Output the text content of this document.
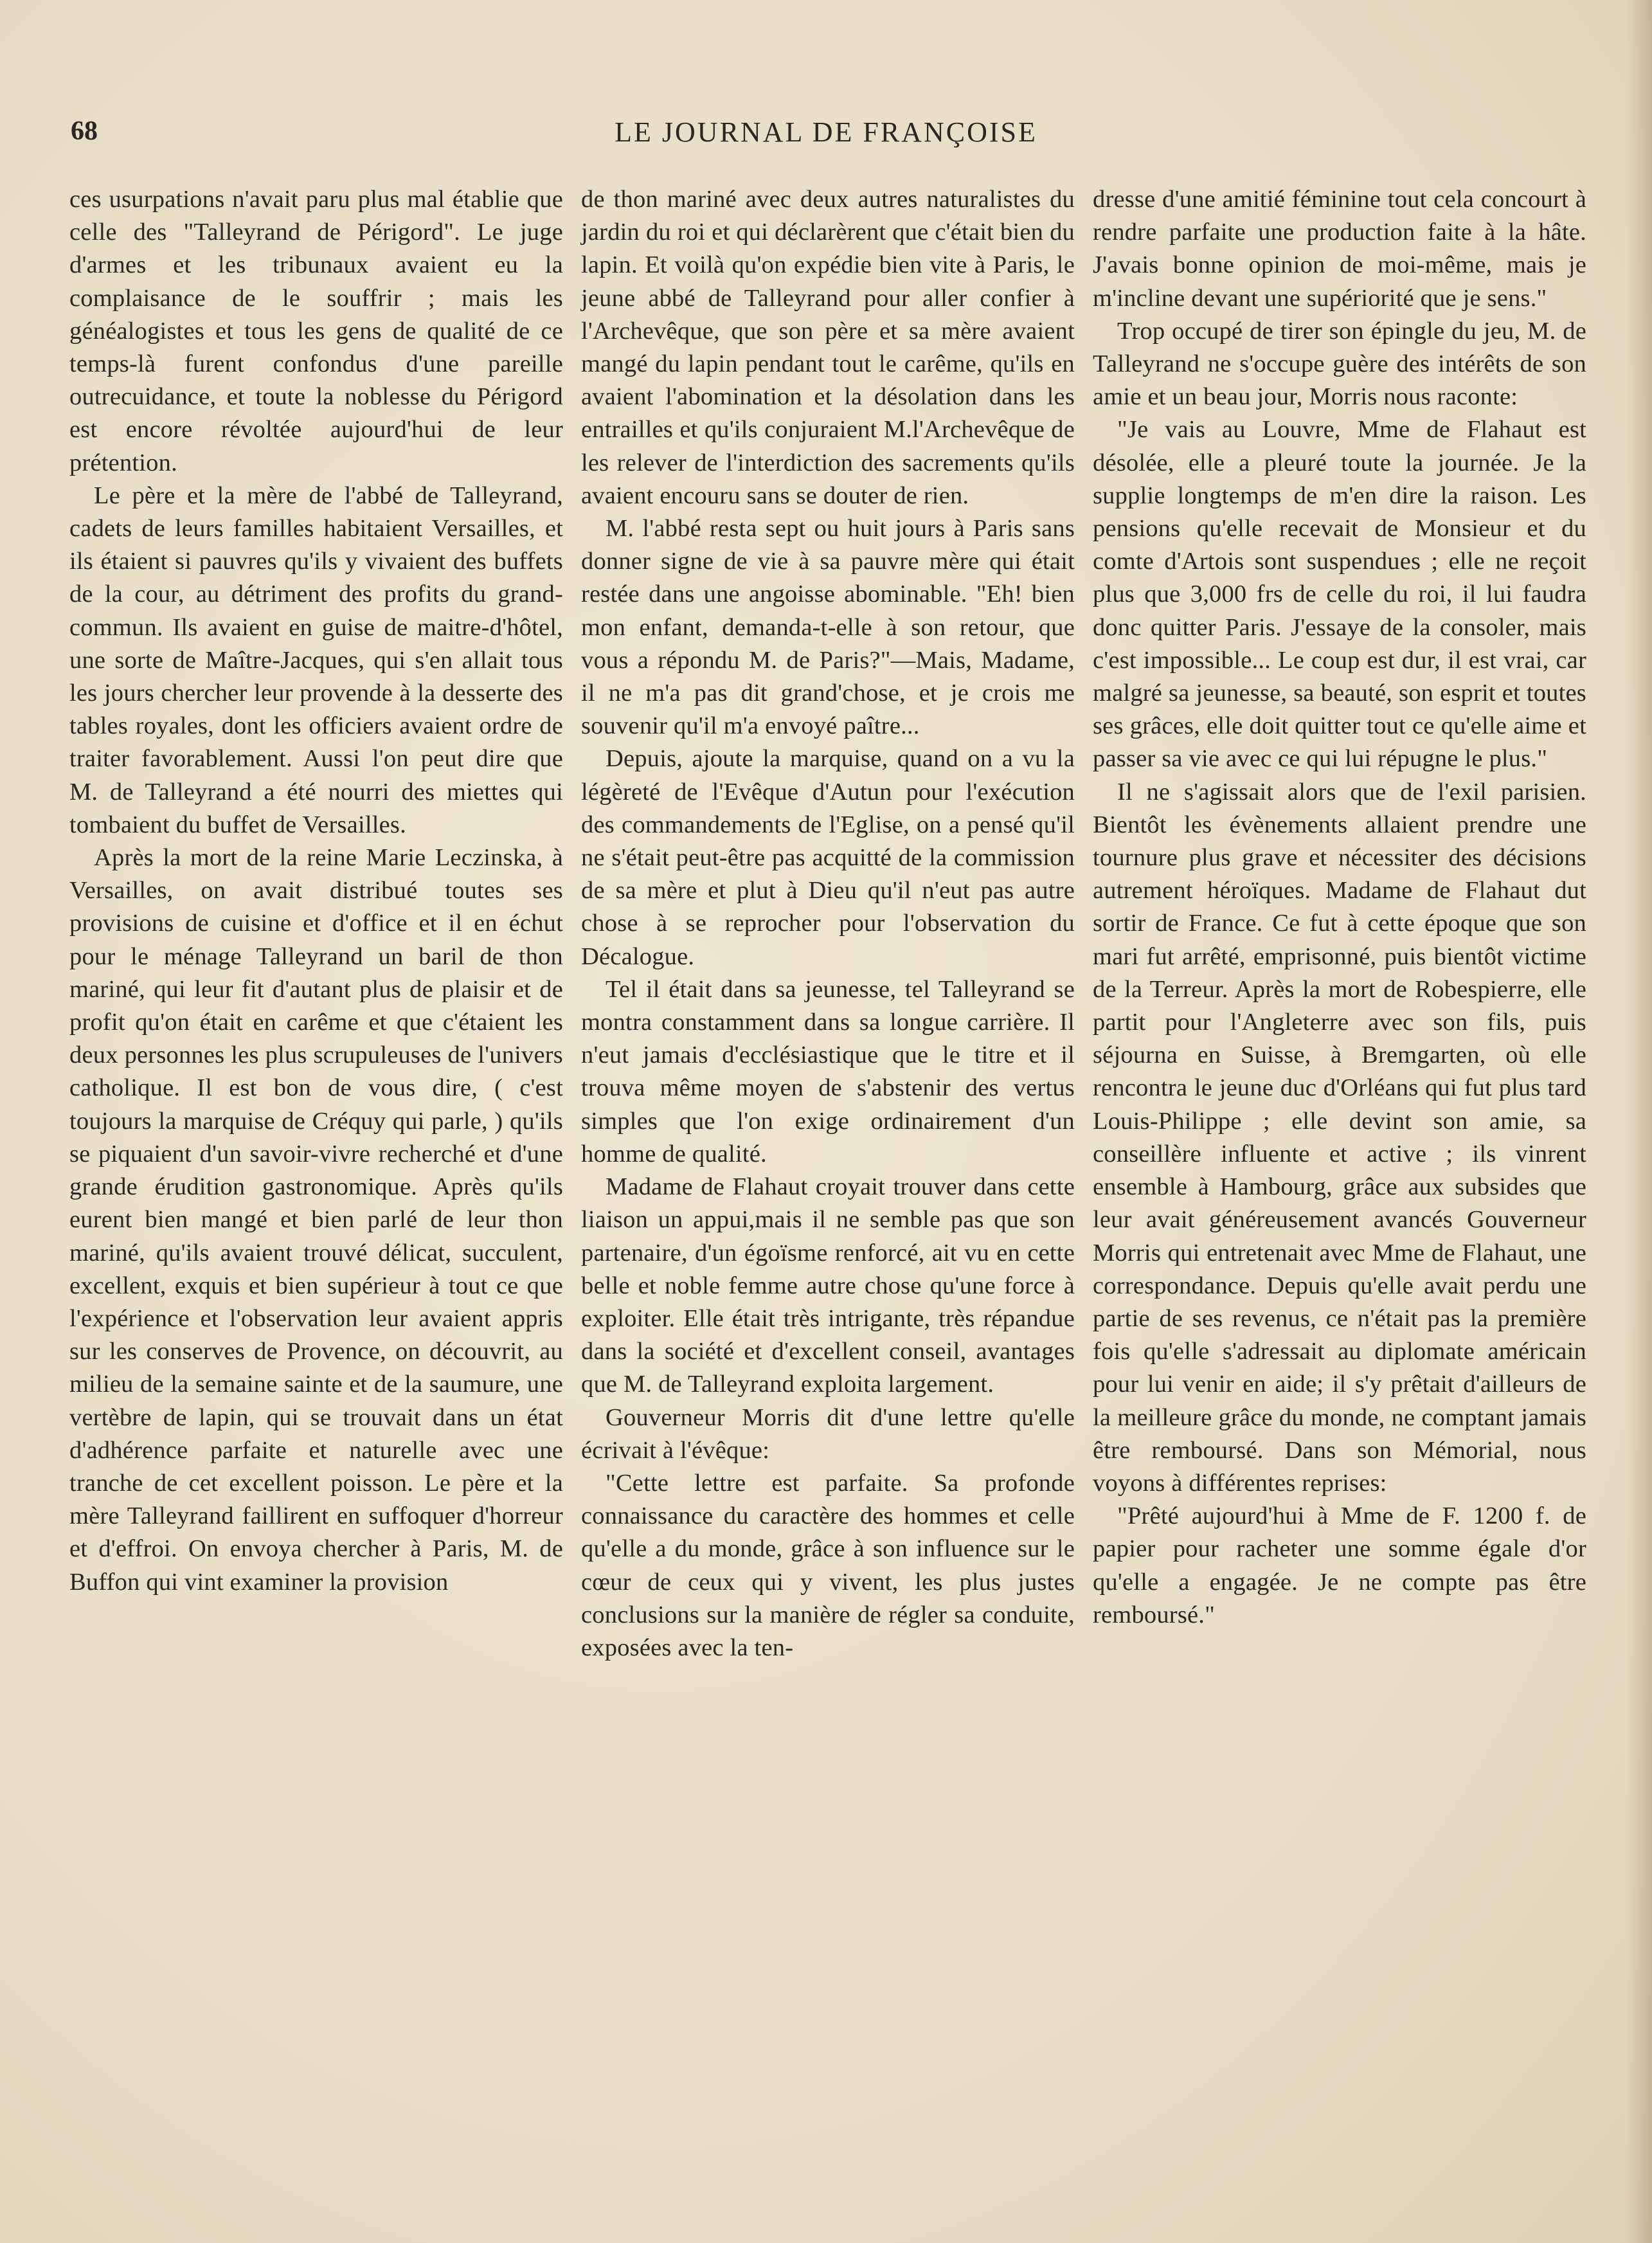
68	LE JOURNAL DE FRANÇOISE

ces usurpations n'avait paru plus mal établie que celle des "Talleyrand de Périgord". Le juge d'armes et les tribunaux avaient eu la complaisance de le souffrir ; mais les généalogistes et tous les gens de qualité de ce temps-là furent confondus d'une pareille outrecuidance, et toute la noblesse du Périgord est encore révoltée aujourd'hui de leur prétention.

Le père et la mère de l'abbé de Talleyrand, cadets de leurs familles habitaient Versailles, et ils étaient si pauvres qu'ils y vivaient des buffets de la cour, au détriment des profits du grand-commun. Ils avaient en guise de maitre-d'hôtel, une sorte de Maître-Jacques, qui s'en allait tous les jours chercher leur provende à la desserte des tables royales, dont les officiers avaient ordre de traiter favorablement. Aussi l'on peut dire que M. de Talleyrand a été nourri des miettes qui tombaient du buffet de Versailles.

Après la mort de la reine Marie Leczinska, à Versailles, on avait distribué toutes ses provisions de cuisine et d'office et il en échut pour le ménage Talleyrand un baril de thon mariné, qui leur fit d'autant plus de plaisir et de profit qu'on était en carême et que c'étaient les deux personnes les plus scrupuleuses de l'univers catholique. Il est bon de vous dire, ( c'est toujours la marquise de Créquy qui parle, ) qu'ils se piquaient d'un savoir-vivre recherché et d'une grande érudition gastronomique. Après qu'ils eurent bien mangé et bien parlé de leur thon mariné, qu'ils avaient trouvé délicat, succulent, excellent, exquis et bien supérieur à tout ce que l'expérience et l'observation leur avaient appris sur les conserves de Provence, on découvrit, au milieu de la semaine sainte et de la saumure, une vertèbre de lapin, qui se trouvait dans un état d'adhérence parfaite et naturelle avec une tranche de cet excellent poisson. Le père et la mère Talleyrand faillirent en suffoquer d'horreur et d'effroi. On envoya chercher à Paris, M. de Buffon qui vint examiner la provision

de thon mariné avec deux autres naturalistes du jardin du roi et qui déclarèrent que c'était bien du lapin. Et voilà qu'on expédie bien vite à Paris, le jeune abbé de Talleyrand pour aller confier à l'Archevêque, que son père et sa mère avaient mangé du lapin pendant tout le carême, qu'ils en avaient l'abomination et la désolation dans les entrailles et qu'ils conjuraient M.l'Archevêque de les relever de l'interdiction des sacrements qu'ils avaient encouru sans se douter de rien.

M. l'abbé resta sept ou huit jours à Paris sans donner signe de vie à sa pauvre mère qui était restée dans une angoisse abominable. "Eh! bien mon enfant, demanda-t-elle à son retour, que vous a répondu M. de Paris?"—Mais, Madame, il ne m'a pas dit grand'chose, et je crois me souvenir qu'il m'a envoyé paître...

Depuis, ajoute la marquise, quand on a vu la légèreté de l'Evêque d'Autun pour l'exécution des commandements de l'Eglise, on a pensé qu'il ne s'était peut-être pas acquitté de la commission de sa mère et plut à Dieu qu'il n'eut pas autre chose à se reprocher pour l'observation du Décalogue.

Tel il était dans sa jeunesse, tel Talleyrand se montra constamment dans sa longue carrière. Il n'eut jamais d'ecclésiastique que le titre et il trouva même moyen de s'abstenir des vertus simples que l'on exige ordinairement d'un homme de qualité.

Madame de Flahaut croyait trouver dans cette liaison un appui,mais il ne semble pas que son partenaire, d'un égoïsme renforcé, ait vu en cette belle et noble femme autre chose qu'une force à exploiter. Elle était très intrigante, très répandue dans la société et d'excellent conseil, avantages que M. de Talleyrand exploita largement.

Gouverneur Morris dit d'une lettre qu'elle écrivait à l'évêque:

"Cette lettre est parfaite. Sa profonde connaissance du caractère des hommes et celle qu'elle a du monde, grâce à son influence sur le cœur de ceux qui y vivent, les plus justes conclusions sur la manière de régler sa conduite, exposées avec la ten-

dresse d'une amitié féminine tout cela concourt à rendre parfaite une production faite à la hâte. J'avais bonne opinion de moi-même, mais je m'incline devant une supériorité que je sens."

Trop occupé de tirer son épingle du jeu, M. de Talleyrand ne s'occupe guère des intérêts de son amie et un beau jour, Morris nous raconte:

"Je vais au Louvre, Mme de Flahaut est désolée, elle a pleuré toute la journée. Je la supplie longtemps de m'en dire la raison. Les pensions qu'elle recevait de Monsieur et du comte d'Artois sont suspendues ; elle ne reçoit plus que 3,000 frs de celle du roi, il lui faudra donc quitter Paris. J'essaye de la consoler, mais c'est impossible... Le coup est dur, il est vrai, car malgré sa jeunesse, sa beauté, son esprit et toutes ses grâces, elle doit quitter tout ce qu'elle aime et passer sa vie avec ce qui lui répugne le plus."

Il ne s'agissait alors que de l'exil parisien. Bientôt les évènements allaient prendre une tournure plus grave et nécessiter des décisions autrement héroïques. Madame de Flahaut dut sortir de France. Ce fut à cette époque que son mari fut arrêté, emprisonné, puis bientôt victime de la Terreur. Après la mort de Robespierre, elle partit pour l'Angleterre avec son fils, puis séjourna en Suisse, à Bremgarten, où elle rencontra le jeune duc d'Orléans qui fut plus tard Louis-Philippe ; elle devint son amie, sa conseillère influente et active ; ils vinrent ensemble à Hambourg, grâce aux subsides que leur avait généreusement avancés Gouverneur Morris qui entretenait avec Mme de Flahaut, une correspondance. Depuis qu'elle avait perdu une partie de ses revenus, ce n'était pas la première fois qu'elle s'adressait au diplomate américain pour lui venir en aide; il s'y prêtait d'ailleurs de la meilleure grâce du monde, ne comptant jamais être remboursé. Dans son Mémorial, nous voyons à différentes reprises:

"Prêté aujourd'hui à Mme de F. 1200 f. de papier pour racheter une somme égale d'or qu'elle a engagée. Je ne compte pas être remboursé."
